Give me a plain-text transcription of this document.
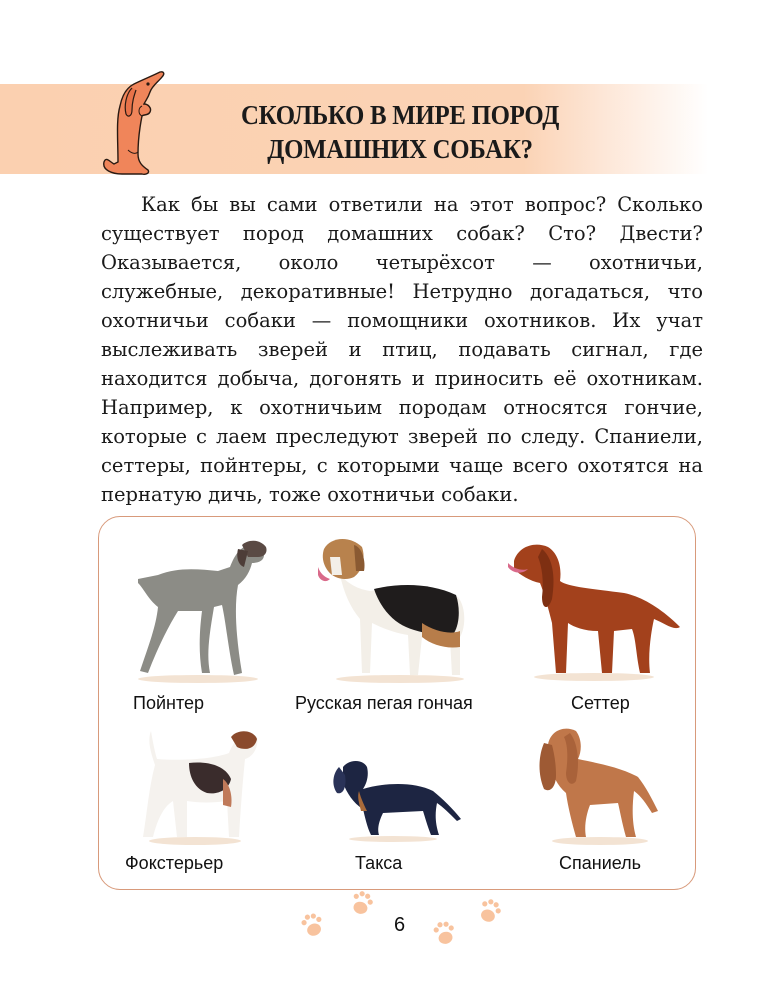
СКОЛЬКО В МИРЕ ПОРОД
ДОМАШНИХ СОБАК?

Как бы вы сами ответили на этот вопрос? Сколько существует пород домашних собак? Сто? Двести? Оказывается, около четырёхсот — охотничьи, служебные, декоративные! Нетрудно догадаться, что охотничьи собаки — помощники охотников. Их учат выслеживать зверей и птиц, подавать сигнал, где находится добыча, догонять и приносить её охотникам. Например, к охотничьим породам относятся гончие, которые с лаем преследуют зверей по следу. Спаниели, сеттеры, пойнтеры, с которыми чаще всего охотятся на пернатую дичь, тоже охотничьи собаки.

Пойнтер	Русская пегая гончая	Сеттер
Фокстерьер	Такса	Спаниель
6
